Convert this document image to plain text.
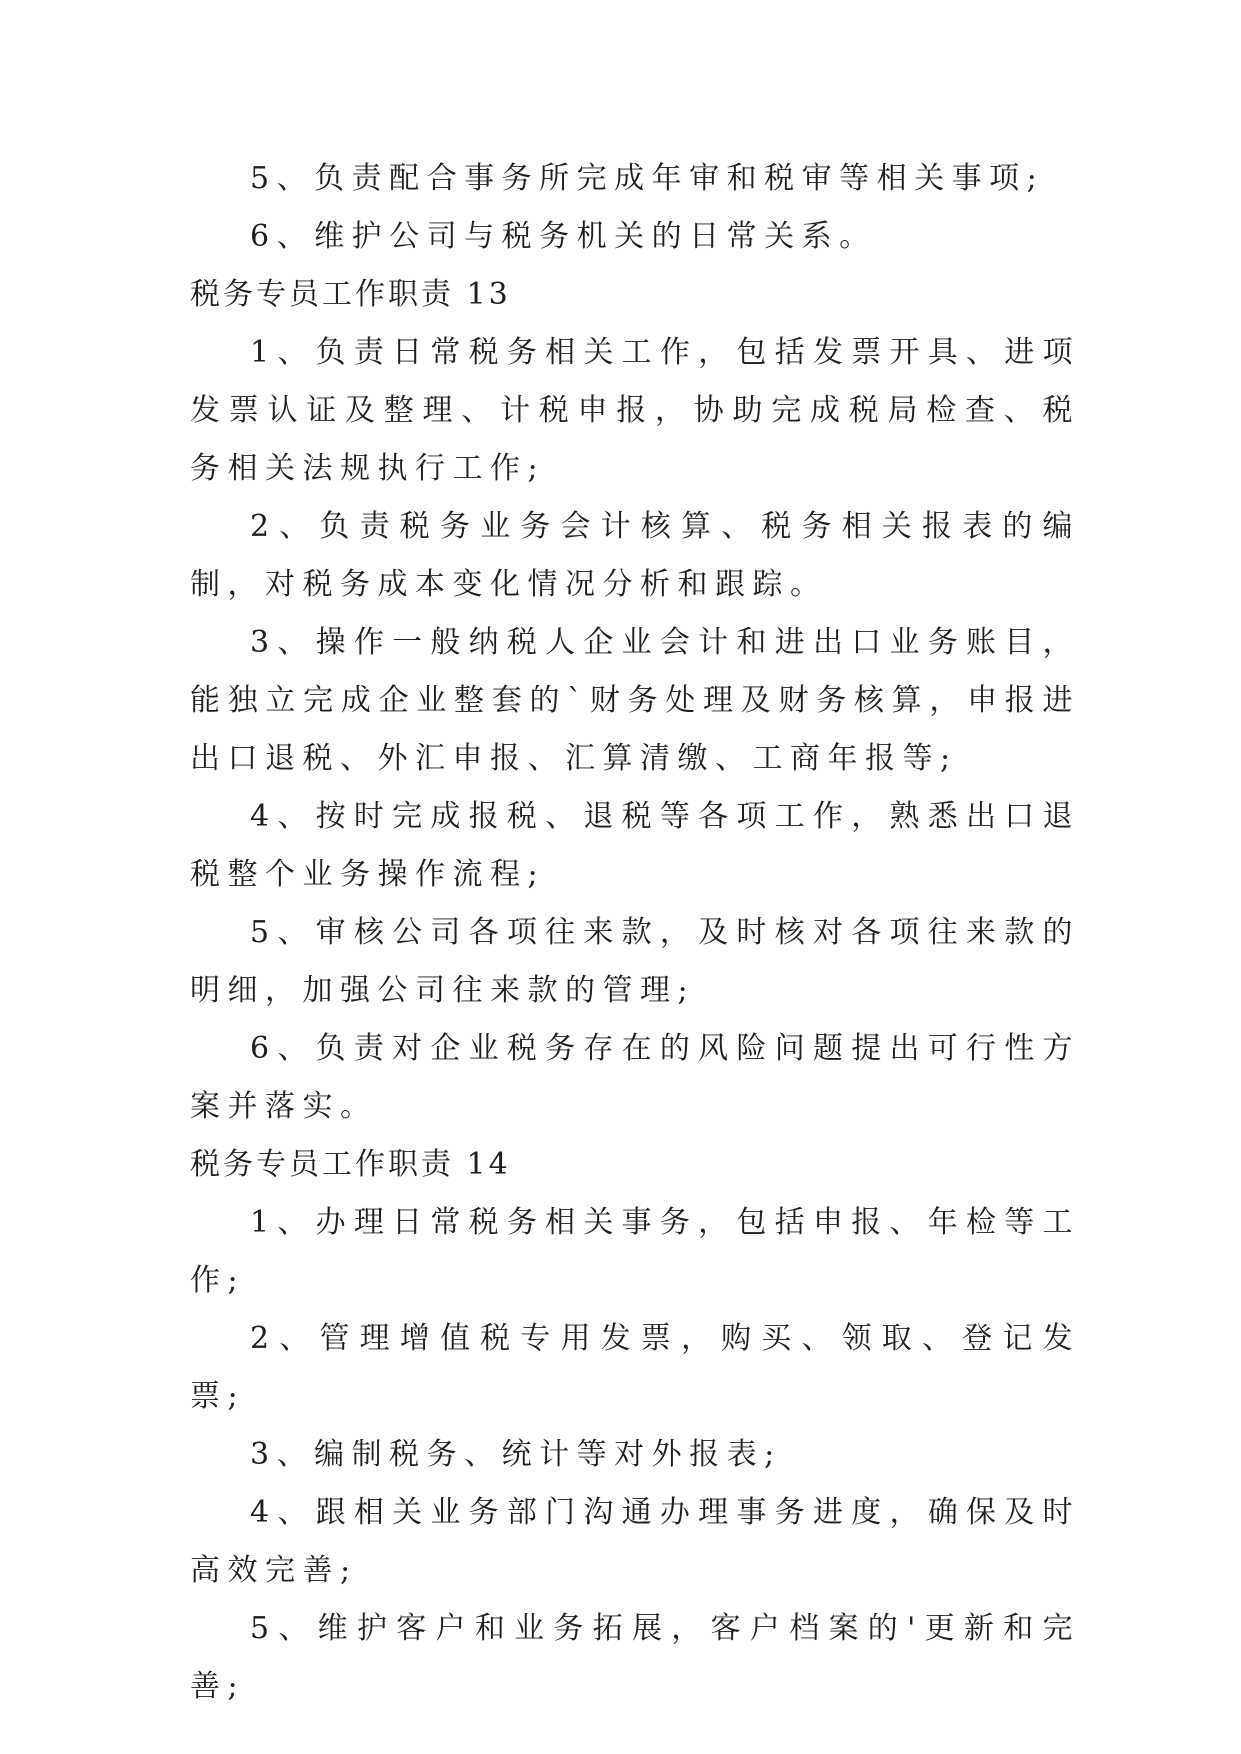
5、负责配合事务所完成年审和税审等相关事项;

6、维护公司与税务机关的日常关系。

税务专员工作职责 13

1、负责日常税务相关工作，包括发票开具、进项发票认证及整理、计税申报，协助完成税局检查、税务相关法规执行工作;

2、负责税务业务会计核算、税务相关报表的编制，对税务成本变化情况分析和跟踪。

3、操作一般纳税人企业会计和进出口业务账目，能独立完成企业整套的`财务处理及财务核算，申报进出口退税、外汇申报、汇算清缴、工商年报等;

4、按时完成报税、退税等各项工作，熟悉出口退税整个业务操作流程;

5、审核公司各项往来款，及时核对各项往来款的明细，加强公司往来款的管理;

6、负责对企业税务存在的风险问题提出可行性方案并落实。

税务专员工作职责 14

1、办理日常税务相关事务，包括申报、年检等工作;

2、管理增值税专用发票，购买、领取、登记发票;

3、编制税务、统计等对外报表;

4、跟相关业务部门沟通办理事务进度，确保及时高效完善;

5、维护客户和业务拓展，客户档案的'更新和完善;
